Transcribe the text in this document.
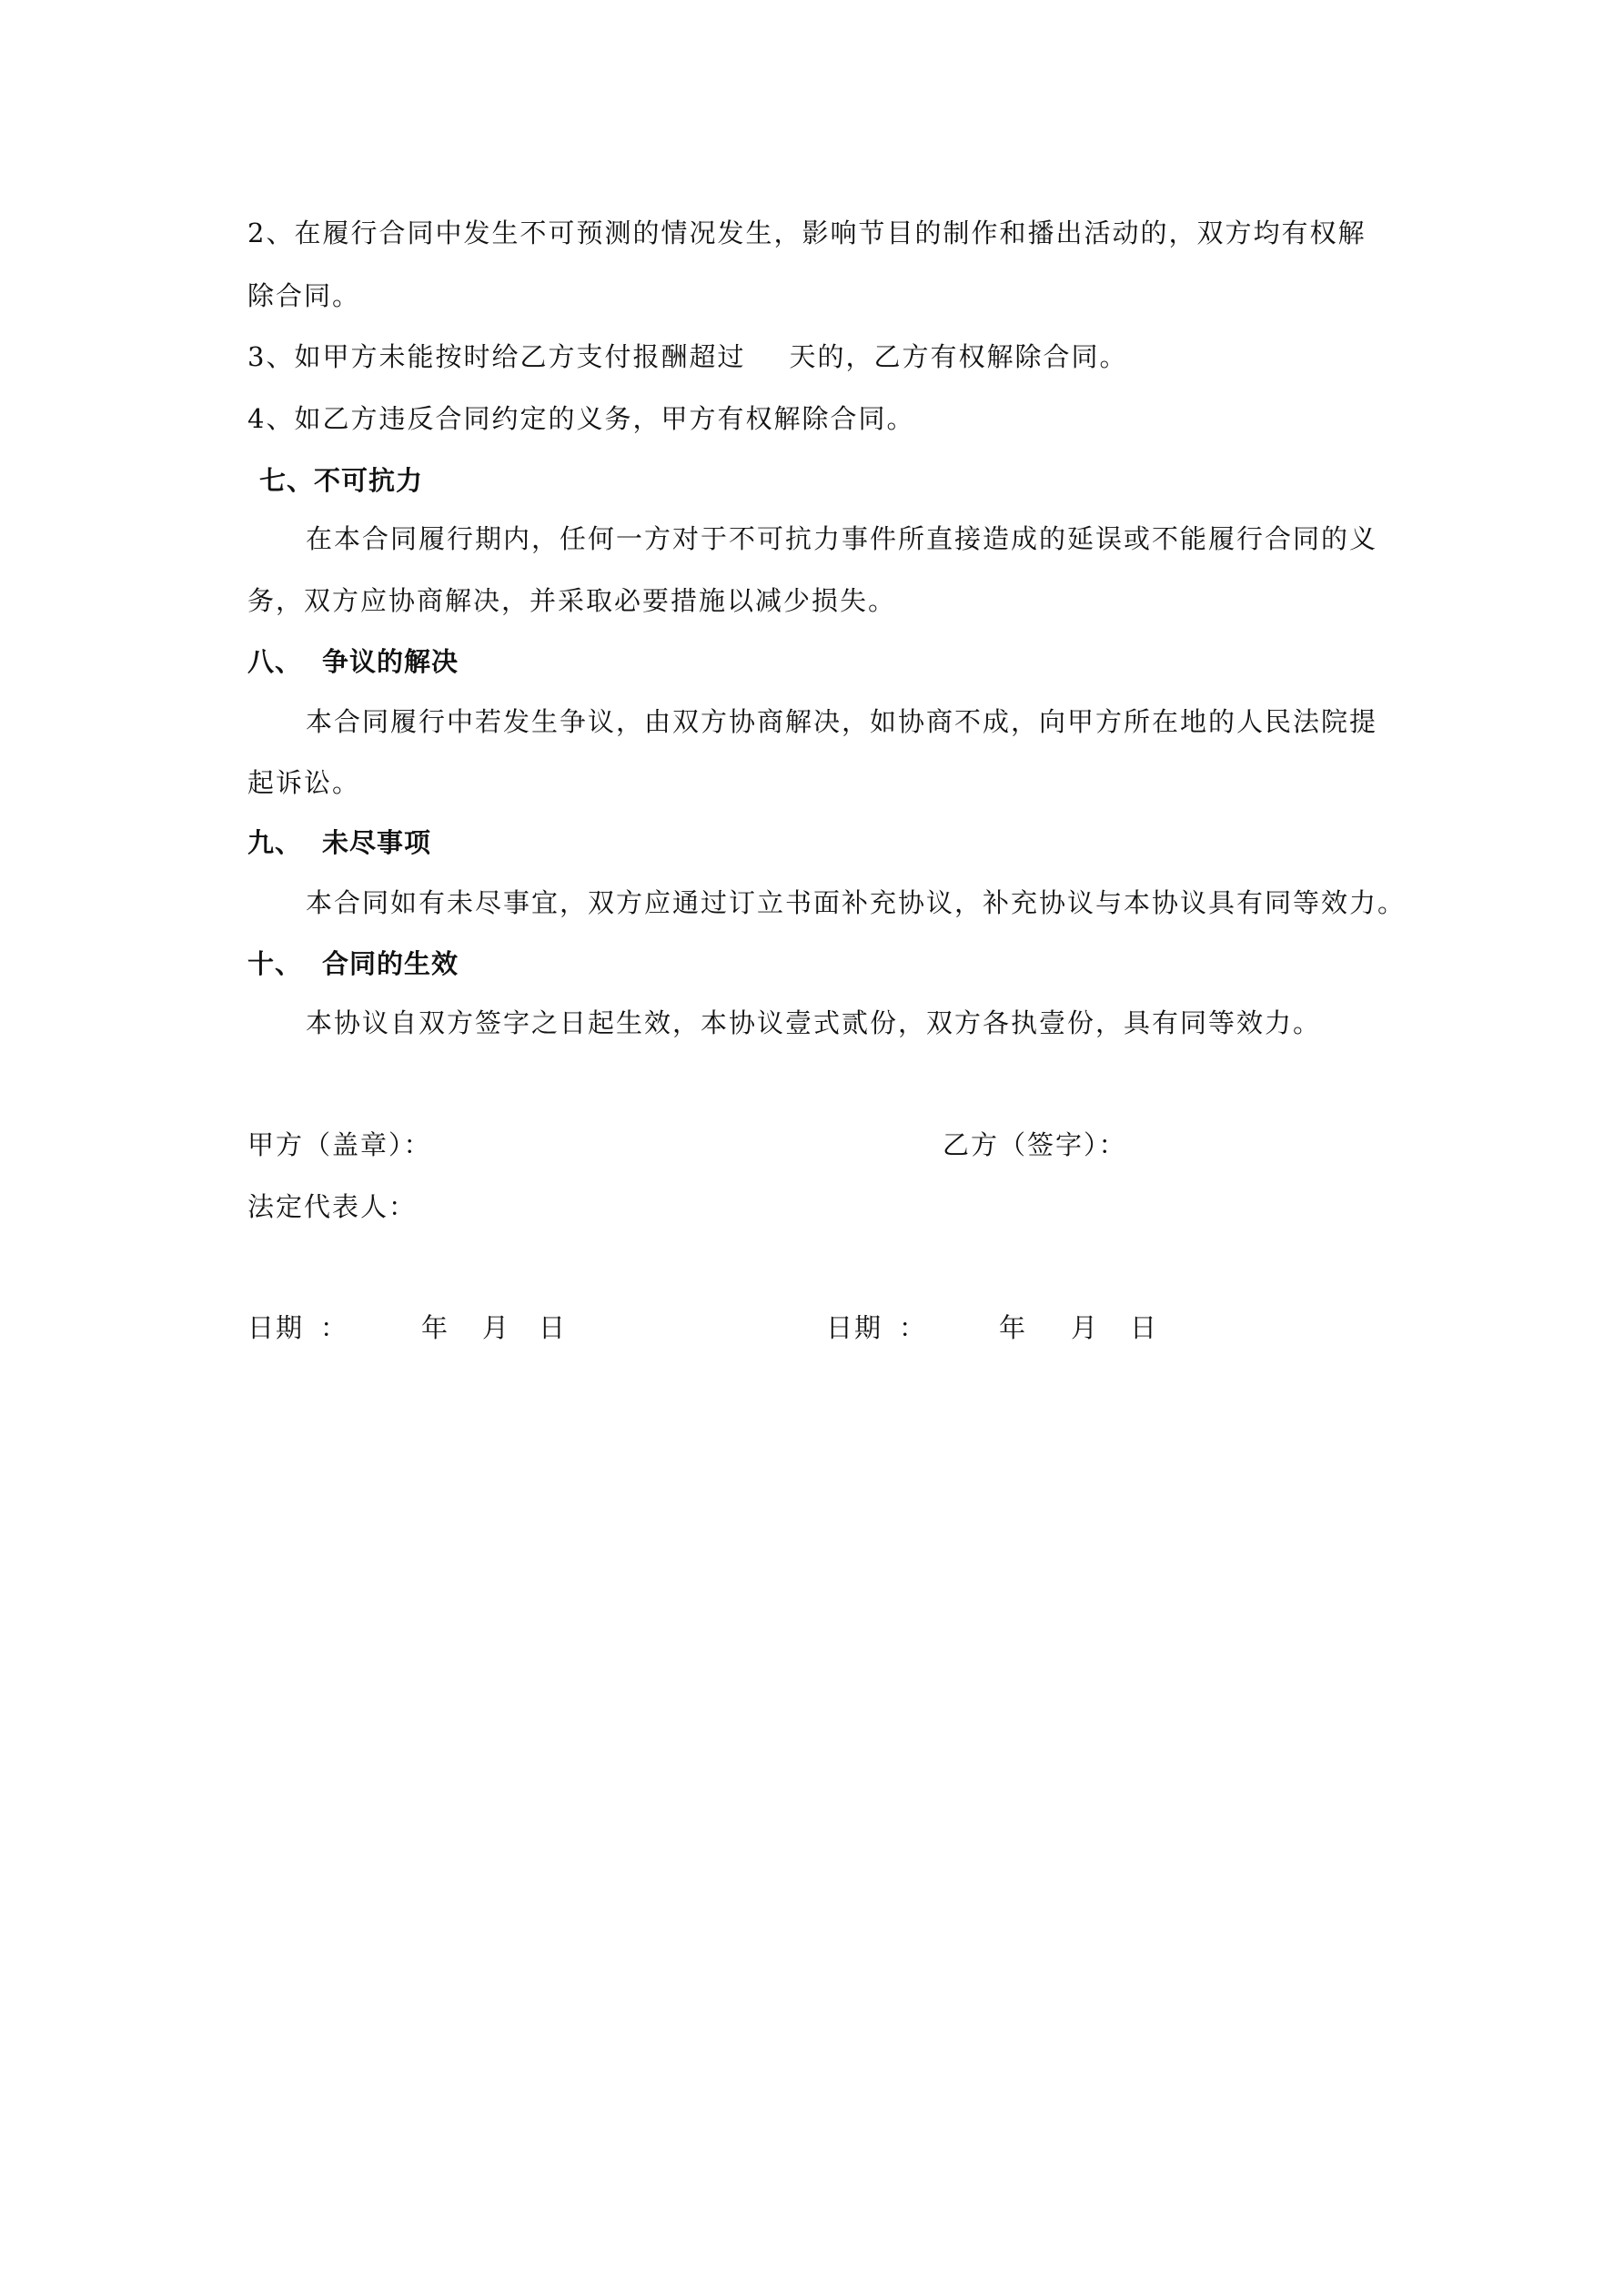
2、在履行合同中发生不可预测的情况发生，影响节目的制作和播出活动的，双方均有权解
除合同。
3、如甲方未能按时给乙方支付报酬超过 天的，乙方有权解除合同。
4、如乙方违反合同约定的义务，甲方有权解除合同。
七、不可抗力
在本合同履行期内，任何一方对于不可抗力事件所直接造成的延误或不能履行合同的义
务，双方应协商解决，并采取必要措施以减少损失。
八、 争议的解决
本合同履行中若发生争议，由双方协商解决，如协商不成，向甲方所在地的人民法院提
起诉讼。
九、 未尽事项
本合同如有未尽事宜，双方应通过订立书面补充协议，补充协议与本协议具有同等效力。
十、 合同的生效
本协议自双方签字之日起生效，本协议壹式贰份，双方各执壹份，具有同等效力。
甲方（盖章）：	乙方（签字）：
法定代表人：
日期 ：	年 月 日	日期 ：	年 月 日
